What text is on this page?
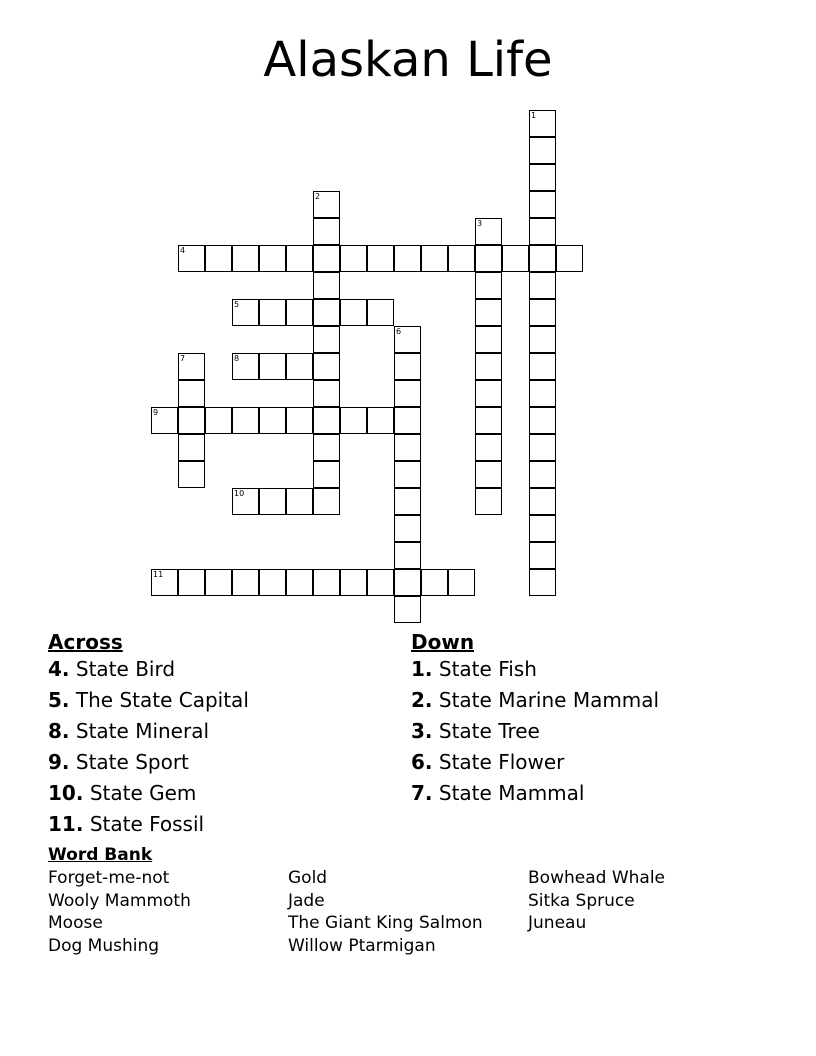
Alaskan Life
1
2
3
4
5
6
7	8
9
10
11
Across
4. State Bird
5. The State Capital
8. State Mineral
9. State Sport
10. State Gem
11. State Fossil
Down
1. State Fish
2. State Marine Mammal
3. State Tree
6. State Flower
7. State Mammal
Word Bank
Forget-me-not	Gold	Bowhead Whale
Wooly Mammoth	Jade	Sitka Spruce
Moose	The Giant King Salmon	Juneau
Dog Mushing	Willow Ptarmigan
